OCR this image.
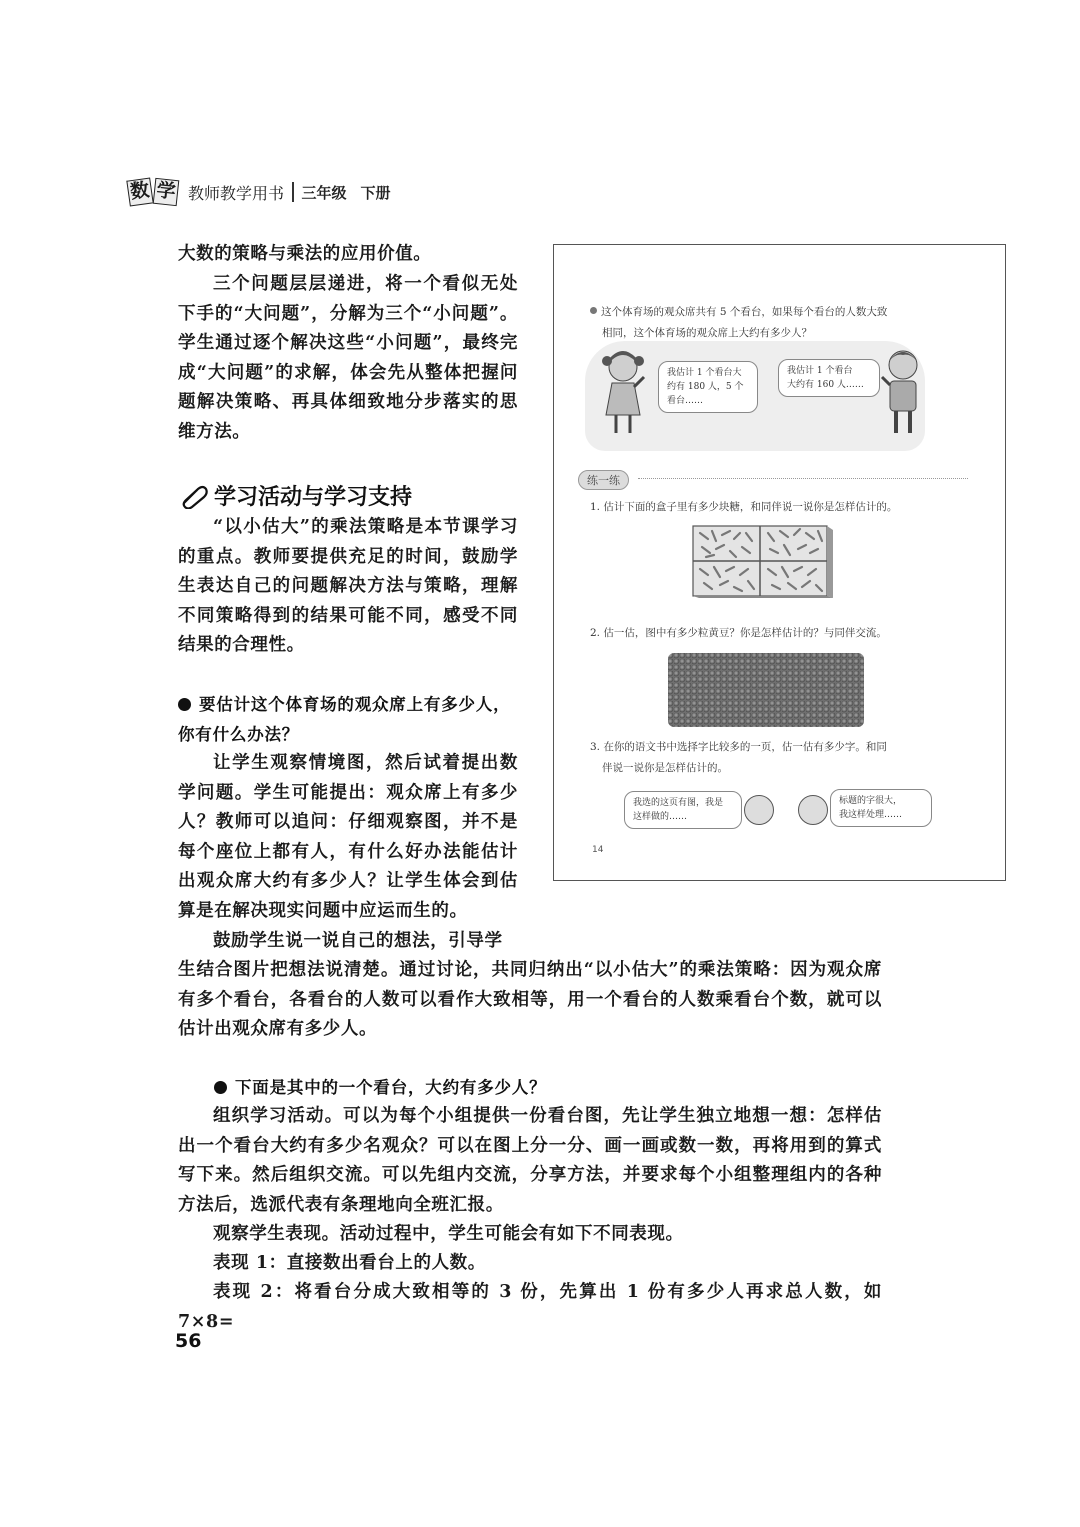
数 学 教师教学用书 三年级 下册

大数的策略与乘法的应用价值。

三个问题层层递进，将一个看似无处下手的“大问题”，分解为三个“小问题”。学生通过逐个解决这些“小问题”，最终完成“大问题”的求解，体会先从整体把握问题解决策略、再具体细致地分步落实的思维方法。

学习活动与学习支持

“以小估大”的乘法策略是本节课学习的重点。教师要提供充足的时间，鼓励学生表达自己的问题解决方法与策略，理解不同策略得到的结果可能不同，感受不同结果的合理性。

要估计这个体育场的观众席上有多少人，你有什么办法？

让学生观察情境图，然后试着提出数学问题。学生可能提出：观众席上有多少人？教师可以追问：仔细观察图，并不是每个座位上都有人，有什么好办法能估计出观众席大约有多少人？让学生体会到估算是在解决现实问题中应运而生的。

鼓励学生说一说自己的想法，引导学

生结合图片把想法说清楚。通过讨论，共同归纳出“以小估大”的乘法策略：因为观众席有多个看台，各看台的人数可以看作大致相等，用一个看台的人数乘看台个数，就可以估计出观众席有多少人。

下面是其中的一个看台，大约有多少人？

组织学习活动。可以为每个小组提供一份看台图，先让学生独立地想一想：怎样估出一个看台大约有多少名观众？可以在图上分一分、画一画或数一数，再将用到的算式写下来。然后组织交流。可以先组内交流，分享方法，并要求每个小组整理组内的各种方法后，选派代表有条理地向全班汇报。

观察学生表现。活动过程中，学生可能会有如下不同表现。

表现 1：直接数出看台上的人数。

表现 2：将看台分成大致相等的 3 份，先算出 1 份有多少人再求总人数，如 7×8=

56
这个体育场的观众席共有 5 个看台，如果每个看台的人数大致
相同，这个体育场的观众席上大约有多少人？
我估计 1 个看台大
约有 180 人，5 个
看台……
我估计 1 个看台
大约有 160 人……
练一练
1. 估计下面的盒子里有多少块糖，和同伴说一说你是怎样估计的。
2. 估一估，图中有多少粒黄豆？你是怎样估计的？与同伴交流。
3. 在你的语文书中选择字比较多的一页，估一估有多少字。和同
伴说一说你是怎样估计的。
我选的这页有图，我是
这样做的……
标题的字很大，
我这样处理……
14
